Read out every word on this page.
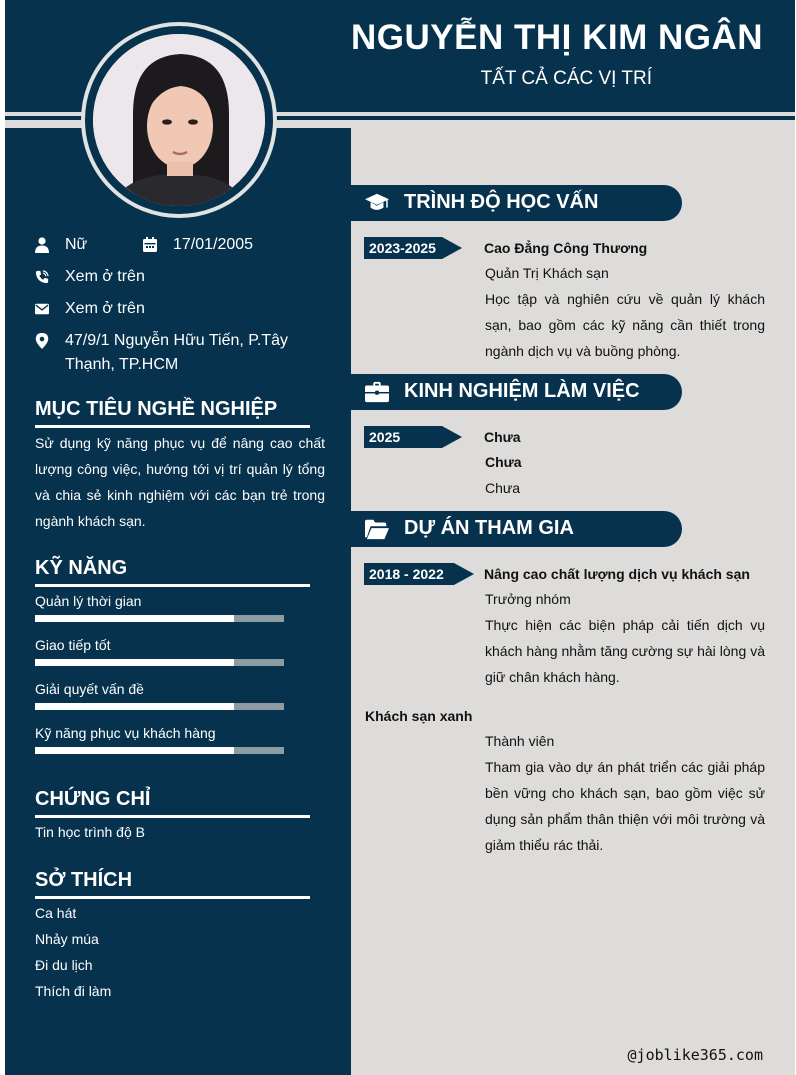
NGUYỄN THỊ KIM NGÂN
TẤT CẢ CÁC VỊ TRÍ
Nữ	17/01/2005
Xem ở trên
Xem ở trên
47/9/1 Nguyễn Hữu Tiến, P.Tây Thạnh, TP.HCM
MỤC TIÊU NGHỀ NGHIỆP
Sử dụng kỹ năng phục vụ để nâng cao chất lượng công việc, hướng tới vị trí quản lý tổng và chia sẻ kinh nghiệm với các bạn trẻ trong ngành khách sạn.
KỸ NĂNG
Quản lý thời gian
Giao tiếp tốt
Giải quyết vấn đề
Kỹ năng phục vụ khách hàng
CHỨNG CHỈ
Tin học trình độ B
SỞ THÍCH
Ca hát
Nhảy múa
Đi du lịch
Thích đi làm
TRÌNH ĐỘ HỌC VẤN
2023-2025	Cao Đẳng Công Thương
Quản Trị Khách sạn
Học tập và nghiên cứu về quản lý khách sạn, bao gồm các kỹ năng cần thiết trong ngành dịch vụ và buồng phòng.
KINH NGHIỆM LÀM VIỆC
2025	Chưa
Chưa
Chưa
DỰ ÁN THAM GIA
2018 - 2022	Nâng cao chất lượng dịch vụ khách sạn
Trưởng nhóm
Thực hiện các biện pháp cải tiến dịch vụ khách hàng nhằm tăng cường sự hài lòng và giữ chân khách hàng.
Khách sạn xanh
Thành viên
Tham gia vào dự án phát triển các giải pháp bền vững cho khách sạn, bao gồm việc sử dụng sản phẩm thân thiện với môi trường và giảm thiểu rác thải.
@joblike365.com
